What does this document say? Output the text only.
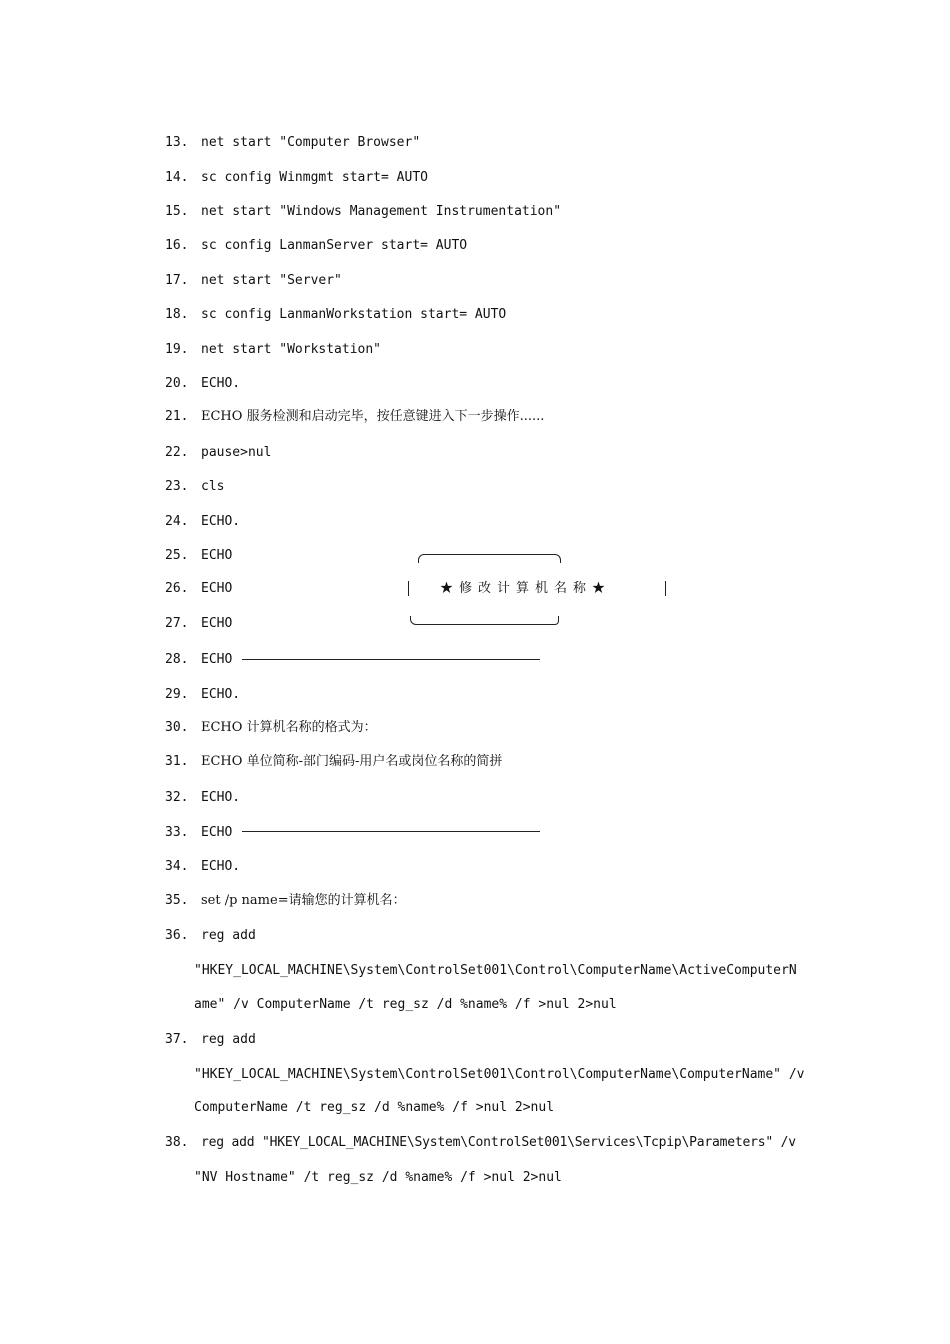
13. net start "Computer Browser"
14. sc config Winmgmt start= AUTO
15. net start "Windows Management Instrumentation"
16. sc config LanmanServer start= AUTO
17. net start "Server"
18. sc config LanmanWorkstation start= AUTO
19. net start "Workstation"
20. ECHO.
21. ECHO 服务检测和启动完毕，按任意键进入下一步操作......
22. pause>nul
23. cls
24. ECHO.
25. ECHO
26. ECHO
27. ECHO
★修改计算机名称★
28. ECHO
29. ECHO.
30. ECHO 计算机名称的格式为：
31. ECHO 单位简称-部门编码-用户名或岗位名称的简拼
32. ECHO.
33. ECHO
34. ECHO.
35. set /p name=请输您的计算机名：
36. reg add
"HKEY_LOCAL_MACHINE\System\ControlSet001\Control\ComputerName\ActiveComputerN
ame" /v ComputerName /t reg_sz /d %name% /f >nul 2>nul
37. reg add
"HKEY_LOCAL_MACHINE\System\ControlSet001\Control\ComputerName\ComputerName" /v
ComputerName /t reg_sz /d %name% /f >nul 2>nul
38. reg add "HKEY_LOCAL_MACHINE\System\ControlSet001\Services\Tcpip\Parameters" /v
"NV Hostname" /t reg_sz /d %name% /f >nul 2>nul
